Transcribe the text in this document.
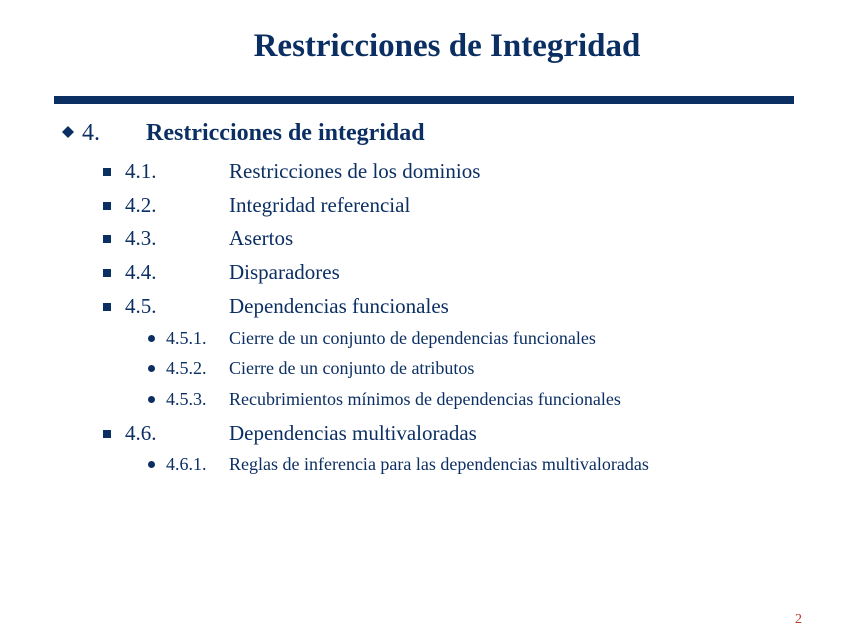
Restricciones de Integridad
4. Restricciones de integridad
4.1.	Restricciones de los dominios
4.2.	Integridad referencial
4.3.	Asertos
4.4.	Disparadores
4.5.	Dependencias funcionales
4.5.1. Cierre de un conjunto de dependencias funcionales
4.5.2. Cierre de un conjunto de atributos
4.5.3. Recubrimientos mínimos de dependencias funcionales
4.6.	Dependencias multivaloradas
4.6.1. Reglas de inferencia para las dependencias multivaloradas
2
